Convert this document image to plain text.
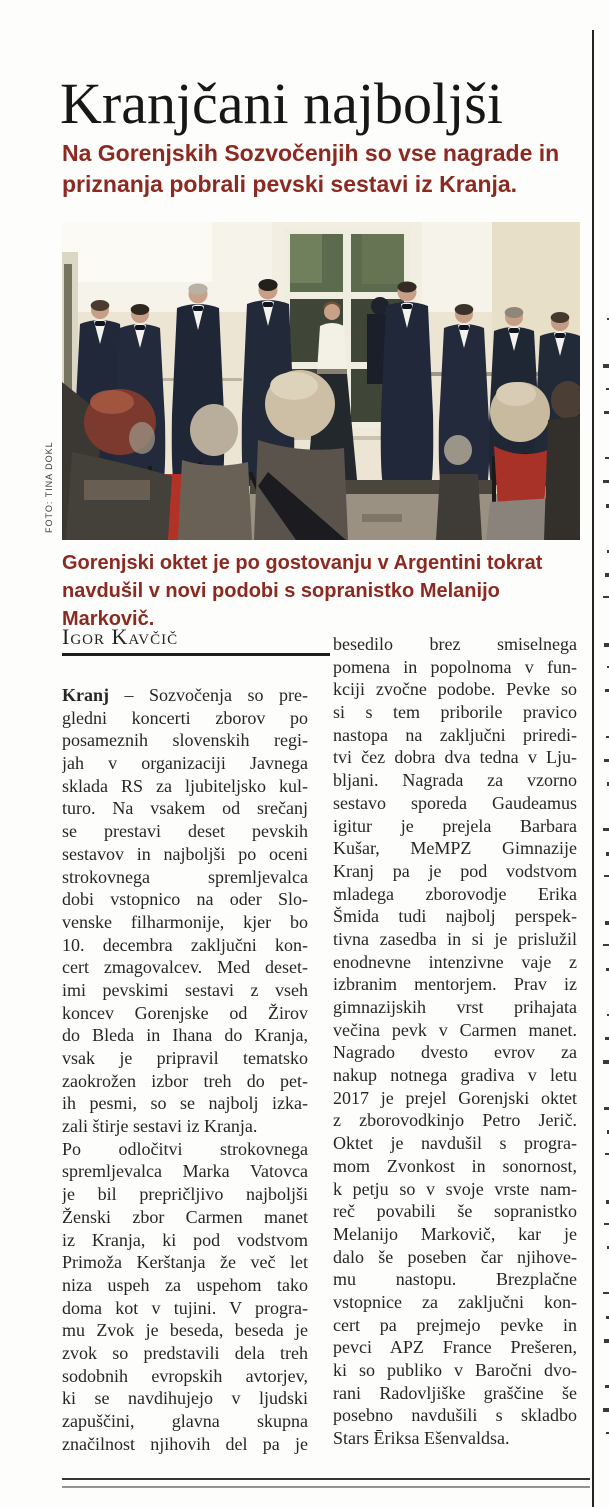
Kranjčani najboljši
Na Gorenjskih Sozvočenjih so vse nagrade in
priznanja pobrali pevski sestavi iz Kranja.
FOTO: TINA DOKL
Gorenjski oktet je po gostovanju v Argentini tokrat
navdušil v novi podobi s sopranistko Melanijo Markovič.
Igor Kavčič
Kranj – Sozvočenja so pre-
gledni koncerti zborov po
posameznih slovenskih regi-
jah v organizaciji Javnega
sklada RS za ljubiteljsko kul-
turo. Na vsakem od srečanj
se prestavi deset pevskih
sestavov in najboljši po oceni
strokovnega spremljevalca
dobi vstopnico na oder Slo-
venske filharmonije, kjer bo
10. decembra zaključni kon-
cert zmagovalcev. Med deset-
imi pevskimi sestavi z vseh
koncev Gorenjske od Žirov
do Bleda in Ihana do Kranja,
vsak je pripravil tematsko
zaokrožen izbor treh do pet-
ih pesmi, so se najbolj izka-
zali štirje sestavi iz Kranja.
Po odločitvi strokovnega
spremljevalca Marka Vatovca
je bil prepričljivo najboljši
Ženski zbor Carmen manet
iz Kranja, ki pod vodstvom
Primoža Kerštanja že več let
niza uspeh za uspehom tako
doma kot v tujini. V progra-
mu Zvok je beseda, beseda je
zvok so predstavili dela treh
sodobnih evropskih avtorjev,
ki se navdihujejo v ljudski
zapuščini, glavna skupna
značilnost njihovih del pa je
besedilo brez smiselnega
pomena in popolnoma v fun-
kciji zvočne podobe. Pevke so
si s tem priborile pravico
nastopa na zaključni priredi-
tvi čez dobra dva tedna v Lju-
bljani. Nagrada za vzorno
sestavo sporeda Gaudeamus
igitur je prejela Barbara
Kušar, MeMPZ Gimnazije
Kranj pa je pod vodstvom
mladega zborovodje Erika
Šmida tudi najbolj perspek-
tivna zasedba in si je prislužil
enodnevne intenzivne vaje z
izbranim mentorjem. Prav iz
gimnazijskih vrst prihajata
večina pevk v Carmen manet.
Nagrado dvesto evrov za
nakup notnega gradiva v letu
2017 je prejel Gorenjski oktet
z zborovodkinjo Petro Jerič.
Oktet je navdušil s progra-
mom Zvonkost in sonornost,
k petju so v svoje vrste nam-
reč povabili še sopranistko
Melanijo Markovič, kar je
dalo še poseben čar njihove-
mu nastopu. Brezplačne
vstopnice za zaključni kon-
cert pa prejmejo pevke in
pevci APZ France Prešeren,
ki so publiko v Baročni dvo-
rani Radovljiške graščine še
posebno navdušili s skladbo
Stars Ēriksa Ešenvaldsa.
